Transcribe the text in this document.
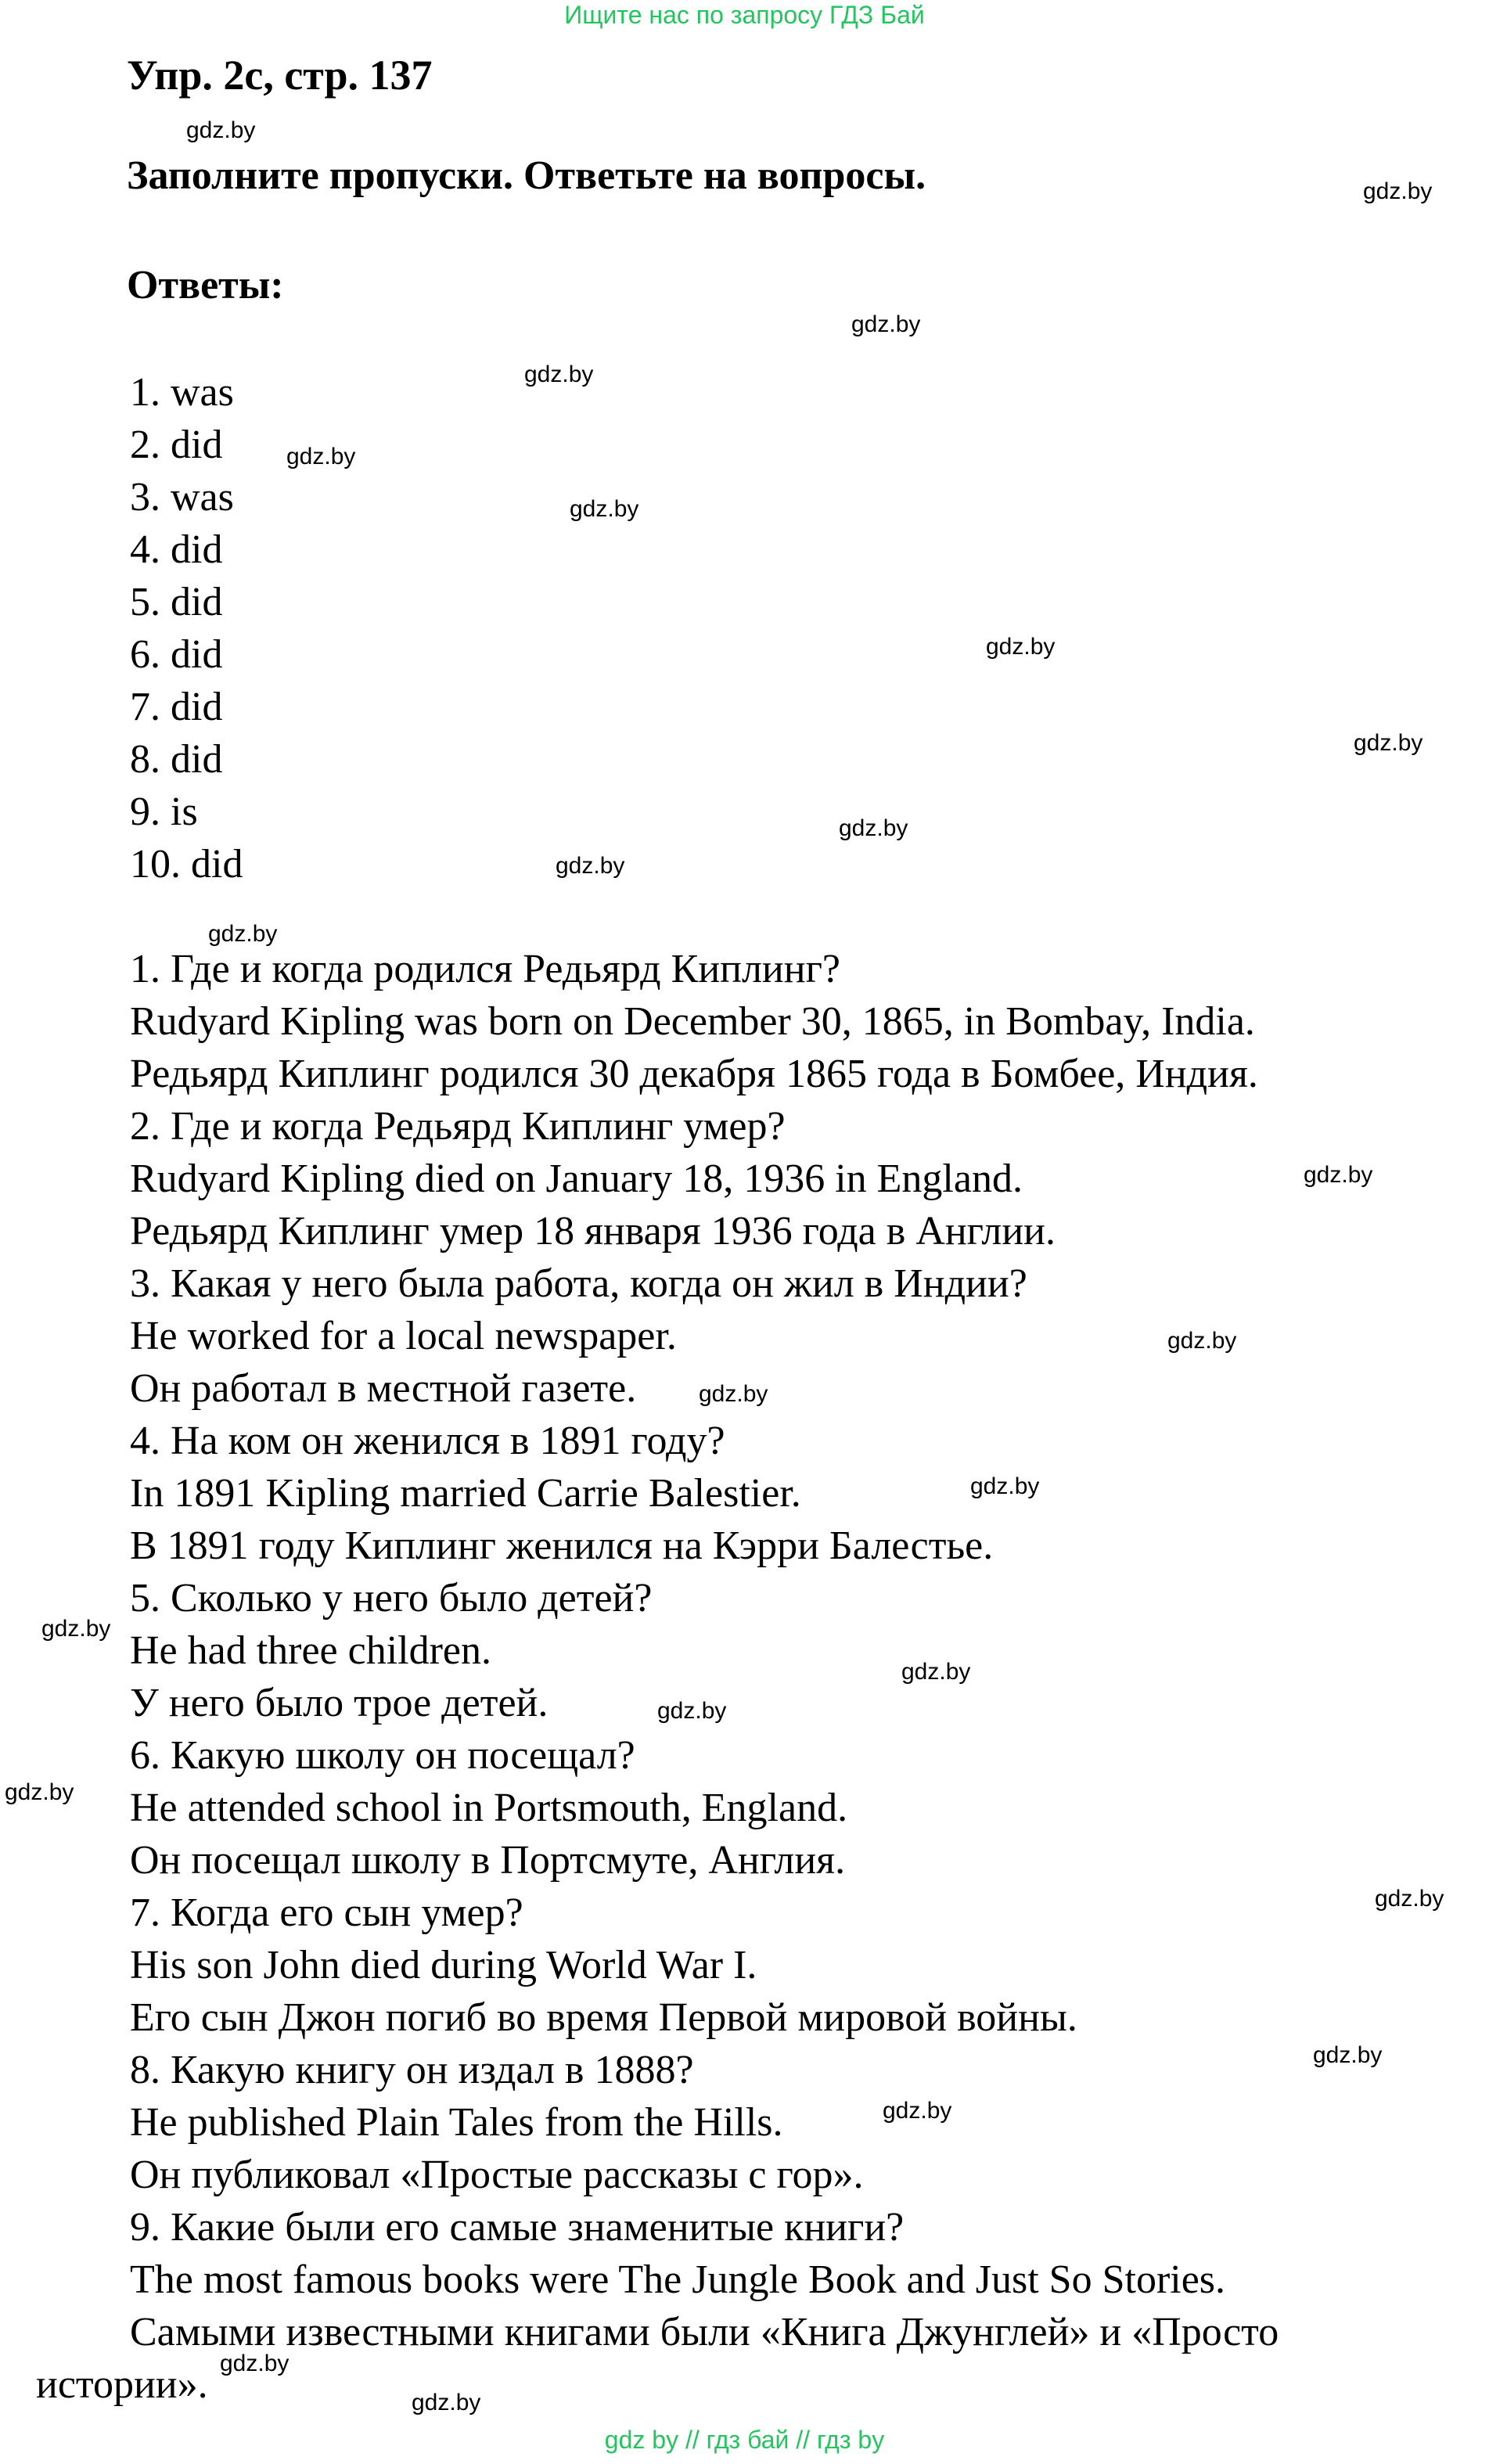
Ищите нас по запросу ГДЗ Бай
Упр. 2c, стр. 137
Заполните пропуски. Ответьте на вопросы.
Ответы:
1. was
2. did
3. was
4. did
5. did
6. did
7. did
8. did
9. is
10. did
1. Где и когда родился Редьярд Киплинг?
Rudyard Kipling was born on December 30, 1865, in Bombay, India.
Редьярд Киплинг родился 30 декабря 1865 года в Бомбее, Индия.
2. Где и когда Редьярд Киплинг умер?
Rudyard Kipling died on January 18, 1936 in England.
Редьярд Киплинг умер 18 января 1936 года в Англии.
3. Какая у него была работа, когда он жил в Индии?
He worked for a local newspaper.
Он работал в местной газете.
4. На ком он женился в 1891 году?
In 1891 Kipling married Carrie Balestier.
В 1891 году Киплинг женился на Кэрри Балестье.
5. Сколько у него было детей?
He had three children.
У него было трое детей.
6. Какую школу он посещал?
He attended school in Portsmouth, England.
Он посещал школу в Портсмуте, Англия.
7. Когда его сын умер?
His son John died during World War I.
Его сын Джон погиб во время Первой мировой войны.
8. Какую книгу он издал в 1888?
He published Plain Tales from the Hills.
Он публиковал «Простые рассказы с гор».
9. Какие были его самые знаменитые книги?
The most famous books were The Jungle Book and Just So Stories.
Самыми известными книгами были «Книга Джунглей» и «Просто
истории».
gdz.by
gdz.by
gdz.by
gdz.by
gdz.by
gdz.by
gdz.by
gdz.by
gdz.by
gdz.by
gdz.by
gdz.by
gdz.by
gdz.by
gdz.by
gdz.by
gdz.by
gdz.by
gdz.by
gdz.by
gdz.by
gdz.by
gdz.by
gdz.by
gdz by // гдз бай // гдз by
